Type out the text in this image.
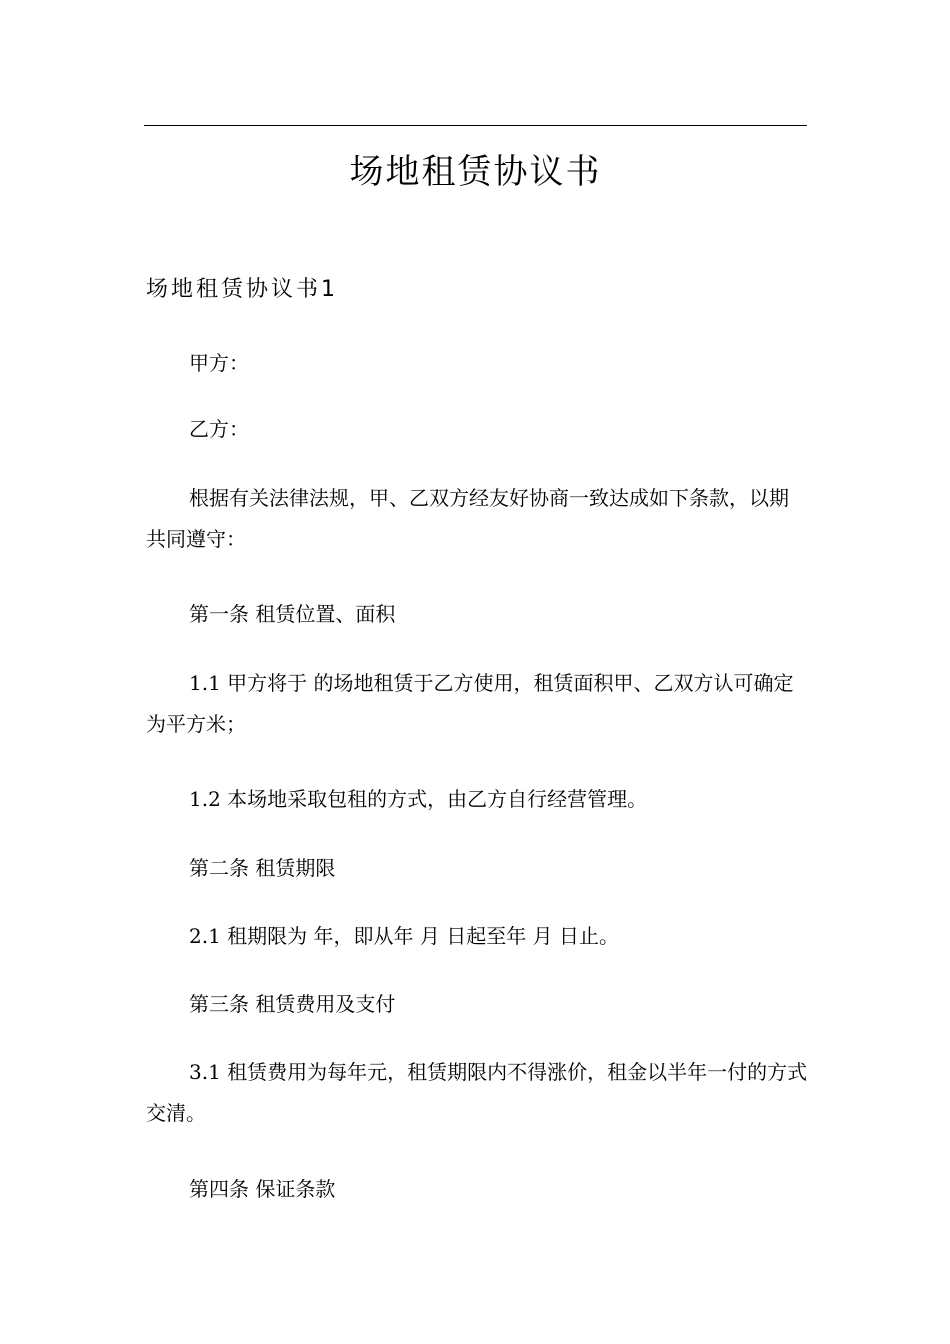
场地租赁协议书
场地租赁协议书1

甲方：

乙方：

根据有关法律法规，甲、乙双方经友好协商一致达成如下条款，以期共同遵守：

第一条 租赁位置、面积

1.1 甲方将于 的场地租赁于乙方使用，租赁面积甲、乙双方认可确定为平方米；

1.2 本场地采取包租的方式，由乙方自行经营管理。

第二条 租赁期限

2.1 租期限为 年，即从年 月 日起至年 月 日止。

第三条 租赁费用及支付

3.1 租赁费用为每年元，租赁期限内不得涨价，租金以半年一付的方式交清。

第四条 保证条款
